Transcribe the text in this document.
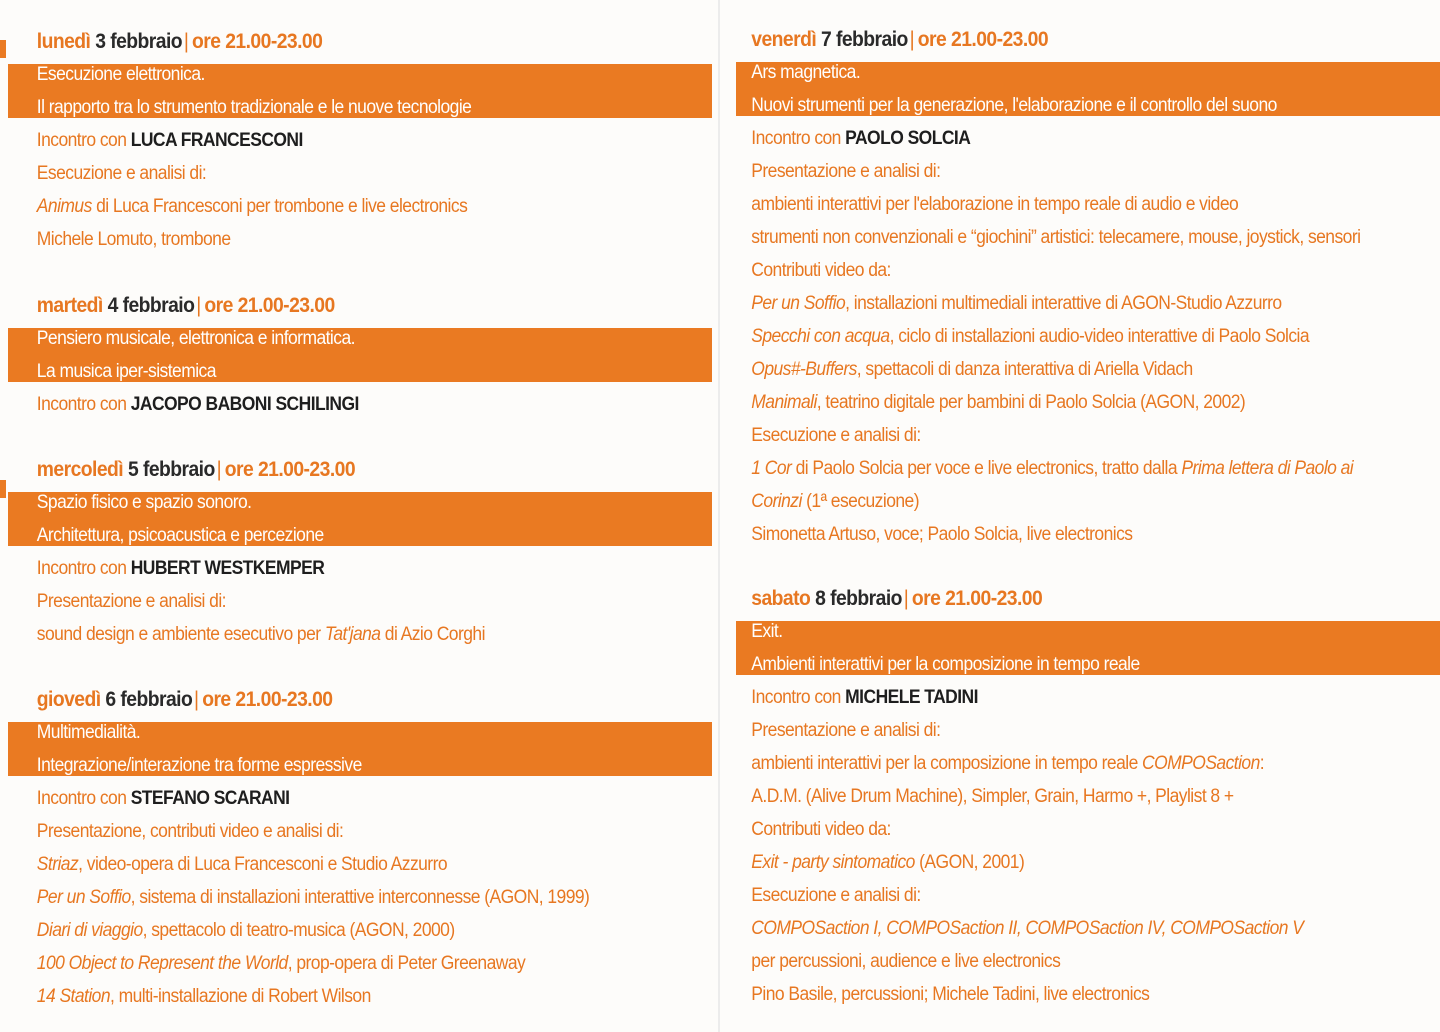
lunedì 3 febbraio| ore 21.00-23.00
Esecuzione elettronica.
Il rapporto tra lo strumento tradizionale e le nuove tecnologie
Incontro con LUCA FRANCESCONI
Esecuzione e analisi di:
Animus di Luca Francesconi per trombone e live electronics
Michele Lomuto, trombone
martedì 4 febbraio| ore 21.00-23.00
Pensiero musicale, elettronica e informatica.
La musica iper-sistemica
Incontro con JACOPO BABONI SCHILINGI
mercoledì 5 febbraio| ore 21.00-23.00
Spazio fisico e spazio sonoro.
Architettura, psicoacustica e percezione
Incontro con HUBERT WESTKEMPER
Presentazione e analisi di:
sound design e ambiente esecutivo per Tat'jana di Azio Corghi
giovedì 6 febbraio| ore 21.00-23.00
Multimedialità.
Integrazione/interazione tra forme espressive
Incontro con STEFANO SCARANI
Presentazione, contributi video e analisi di:
Striaz, video-opera di Luca Francesconi e Studio Azzurro
Per un Soffio, sistema di installazioni interattive interconnesse (AGON, 1999)
Diari di viaggio, spettacolo di teatro-musica (AGON, 2000)
100 Object to Represent the World, prop-opera di Peter Greenaway
14 Station, multi-installazione di Robert Wilson
venerdì 7 febbraio| ore 21.00-23.00
Ars magnetica.
Nuovi strumenti per la generazione, l'elaborazione e il controllo del suono
Incontro con PAOLO SOLCIA
Presentazione e analisi di:
ambienti interattivi per l'elaborazione in tempo reale di audio e video
strumenti non convenzionali e “giochini” artistici: telecamere, mouse, joystick, sensori
Contributi video da:
Per un Soffio, installazioni multimediali interattive di AGON-Studio Azzurro
Specchi con acqua, ciclo di installazioni audio-video interattive di Paolo Solcia
Opus#-Buffers, spettacoli di danza interattiva di Ariella Vidach
Manimali, teatrino digitale per bambini di Paolo Solcia (AGON, 2002)
Esecuzione e analisi di:
1 Cor di Paolo Solcia per voce e live electronics, tratto dalla Prima lettera di Paolo ai
Corinzi (1ª esecuzione)
Simonetta Artuso, voce; Paolo Solcia, live electronics
sabato 8 febbraio| ore 21.00-23.00
Exit.
Ambienti interattivi per la composizione in tempo reale
Incontro con MICHELE TADINI
Presentazione e analisi di:
ambienti interattivi per la composizione in tempo reale COMPOSaction:
A.D.M. (Alive Drum Machine), Simpler, Grain, Harmo +, Playlist 8 +
Contributi video da:
Exit - party sintomatico (AGON, 2001)
Esecuzione e analisi di:
COMPOSaction I, COMPOSaction II, COMPOSaction IV, COMPOSaction V
per percussioni, audience e live electronics
Pino Basile, percussioni; Michele Tadini, live electronics
